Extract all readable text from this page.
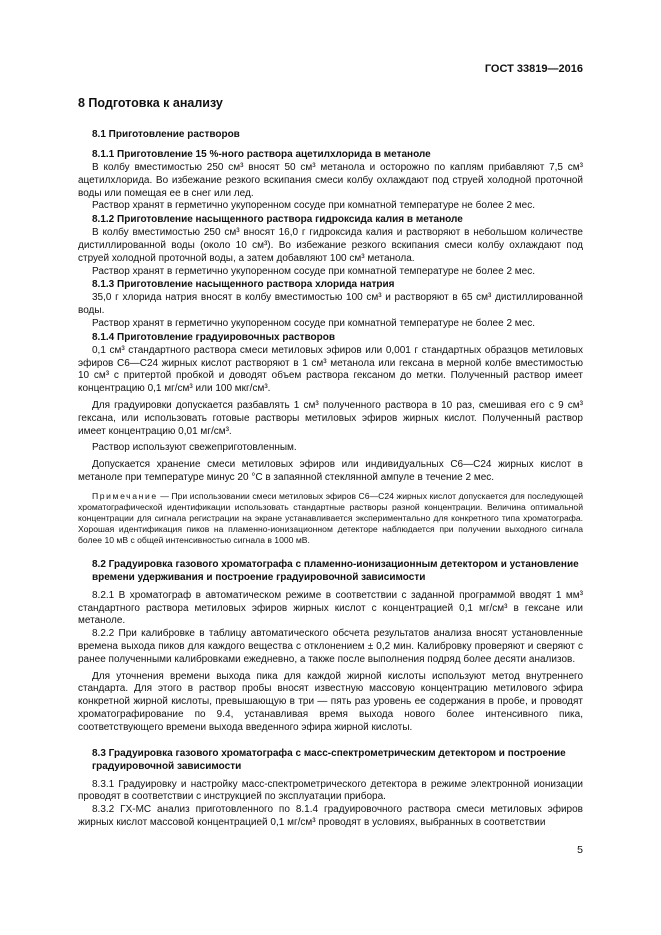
ГОСТ 33819—2016
8 Подготовка к анализу
8.1 Приготовление растворов
8.1.1 Приготовление 15 %-ного раствора ацетилхлорида в метаноле

В колбу вместимостью 250 см³ вносят 50 см³ метанола и осторожно по каплям прибавляют 7,5 см³ ацетилхлорида. Во избежание резкого вскипания смеси колбу охлаждают под струей холодной проточной воды или помещая ее в снег или лед.

Раствор хранят в герметично укупоренном сосуде при комнатной температуре не более 2 мес.

8.1.2 Приготовление насыщенного раствора гидроксида калия в метаноле

В колбу вместимостью 250 см³ вносят 16,0 г гидроксида калия и растворяют в небольшом количестве дистиллированной воды (около 10 см³). Во избежание резкого вскипания смеси колбу охлаждают под струей холодной проточной воды, а затем добавляют 100 см³ метанола.

Раствор хранят в герметично укупоренном сосуде при комнатной температуре не более 2 мес.

8.1.3 Приготовление насыщенного раствора хлорида натрия

35,0 г хлорида натрия вносят в колбу вместимостью 100 см³ и растворяют в 65 см³ дистиллированной воды.

Раствор хранят в герметично укупоренном сосуде при комнатной температуре не более 2 мес.

8.1.4 Приготовление градуировочных растворов

0,1 см³ стандартного раствора смеси метиловых эфиров или 0,001 г стандартных образцов метиловых эфиров С6—С24 жирных кислот растворяют в 1 см³ метанола или гексана в мерной колбе вместимостью 10 см³ с притертой пробкой и доводят объем раствора гексаном до метки. Полученный раствор имеет концентрацию 0,1 мг/см³ или 100 мкг/см³.

Для градуировки допускается разбавлять 1 см³ полученного раствора в 10 раз, смешивая его с 9 см³ гексана, или использовать готовые растворы метиловых эфиров жирных кислот. Полученный раствор имеет концентрацию 0,01 мг/см³.

Раствор используют свежеприготовленным.

Допускается хранение смеси метиловых эфиров или индивидуальных С6—С24 жирных кислот в метаноле при температуре минус 20 °С в запаянной стеклянной ампуле в течение 2 мес.

Примечание — При использовании смеси метиловых эфиров С6—С24 жирных кислот допускается для последующей хроматографической идентификации использовать стандартные растворы разной концентрации. Величина оптимальной концентрации для сигнала регистрации на экране устанавливается экспериментально для конкретного типа хроматографа. Хорошая идентификация пиков на пламенно-ионизационном детекторе наблюдается при получении выходного сигнала более 10 мВ с общей интенсивностью сигнала в 1000 мВ.
8.2 Градуировка газового хроматографа с пламенно-ионизационным детектором и установление времени удерживания и построение градуировочной зависимости

8.2.1 В хроматограф в автоматическом режиме в соответствии с заданной программой вводят 1 мм³ стандартного раствора метиловых эфиров жирных кислот с концентрацией 0,1 мг/см³ в гексане или метаноле.

8.2.2 При калибровке в таблицу автоматического обсчета результатов анализа вносят установленные времена выхода пиков для каждого вещества с отклонением ± 0,2 мин. Калибровку проверяют и сверяют с ранее полученными калибровками ежедневно, а также после выполнения подряд более десяти анализов.

Для уточнения времени выхода пика для каждой жирной кислоты используют метод внутреннего стандарта. Для этого в раствор пробы вносят известную массовую концентрацию метилового эфира конкретной жирной кислоты, превышающую в три — пять раз уровень ее содержания в пробе, и проводят хроматографирование по 9.4, устанавливая время выхода нового более интенсивного пика, соответствующего времени выхода введенного эфира жирной кислоты.

8.3 Градуировка газового хроматографа с масс-спектрометрическим детектором и построение градуировочной зависимости

8.3.1 Градуировку и настройку масс-спектрометрического детектора в режиме электронной ионизации проводят в соответствии с инструкцией по эксплуатации прибора.

8.3.2 ГХ-МС анализ приготовленного по 8.1.4 градуировочного раствора смеси метиловых эфиров жирных кислот массовой концентрацией 0,1 мг/см³ проводят в условиях, выбранных в соответствии

5
